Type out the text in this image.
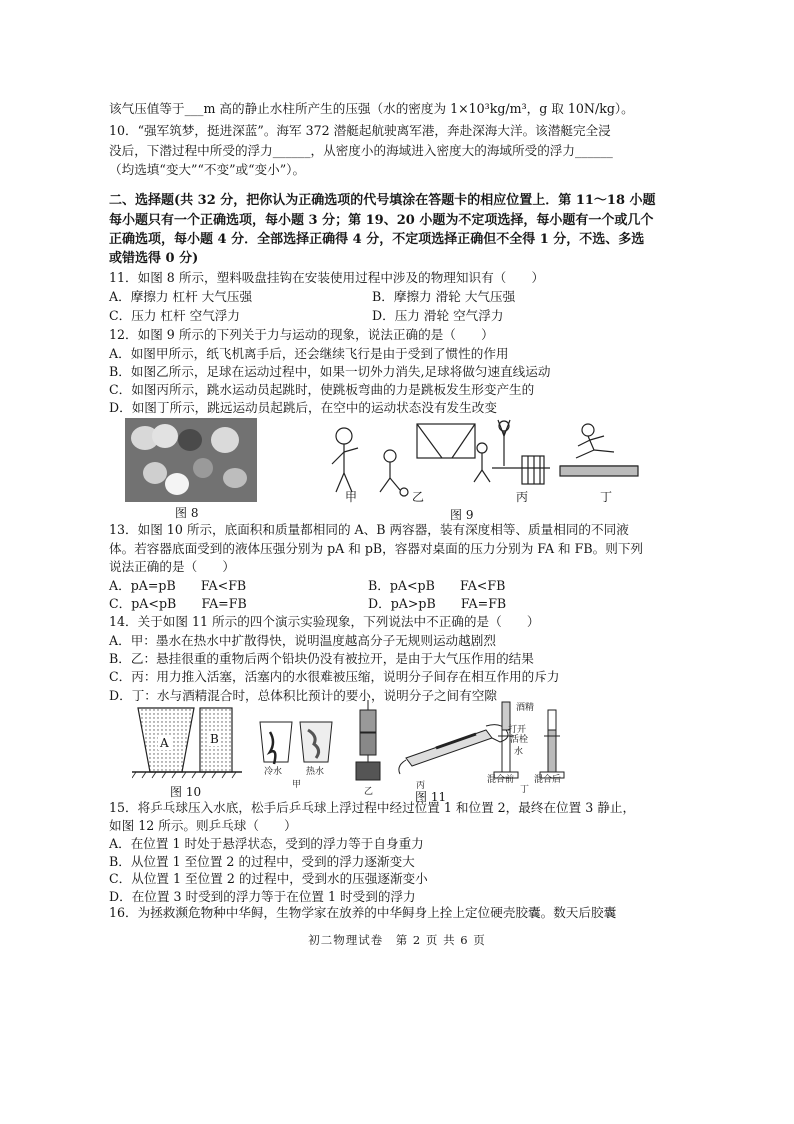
该气压值等于___m 高的静止水柱所产生的压强（水的密度为 1×10³kg/m³，g 取 10N/kg）。
10．“强军筑梦，挺进深蓝”。海军 372 潜艇起航驶离军港，奔赴深海大洋。该潜艇完全浸
没后，下潜过程中所受的浮力______，从密度小的海域进入密度大的海域所受的浮力______
（均选填“变大”“不变”或“变小”）。
二、选择题(共 32 分，把你认为正确选项的代号填涂在答题卡的相应位置上．第 11～18 小题
每小题只有一个正确选项，每小题 3 分；第 19、20 小题为不定项选择，每小题有一个或几个
正确选项，每小题 4 分．全部选择正确得 4 分，不定项选择正确但不全得 1 分，不选、多选
或错选得 0 分)
11．如图 8 所示，塑料吸盘挂钩在安装使用过程中涉及的物理知识有（　　）
A．摩擦力 杠杆 大气压强	B．摩擦力 滑轮 大气压强
C．压力 杠杆 空气浮力	D．压力 滑轮 空气浮力
12．如图 9 所示的下列关于力与运动的现象，说法正确的是（　　）
A．如图甲所示，纸飞机离手后，还会继续飞行是由于受到了惯性的作用
B．如图乙所示，足球在运动过程中，如果一切外力消失,足球将做匀速直线运动
C．如图丙所示，跳水运动员起跳时，使跳板弯曲的力是跳板发生形变产生的
D．如图丁所示，跳远运动员起跳后，在空中的运动状态没有发生改变
图 8
甲	乙	丙	丁
图 9
13．如图 10 所示，底面积和质量都相同的 A、B 两容器，装有深度相等、质量相同的不同液
体。若容器底面受到的液体压强分别为 pA 和 pB，容器对桌面的压力分别为 FA 和 FB。则下列
说法正确的是（　　）
A．pA=pB　　FA<FB	B．pA<pB　　FA<FB
C．pA<pB　　FA=FB	D．pA>pB　　FA=FB
14．关于如图 11 所示的四个演示实验现象，下列说法中不正确的是（　　）
A．甲：墨水在热水中扩散得快，说明温度越高分子无规则运动越剧烈
B．乙：悬挂很重的重物后两个铅块仍没有被拉开，是由于大气压作用的结果
C．丙：用力推入活塞，活塞内的水很难被压缩，说明分子间存在相互作用的斥力
D．丁：水与酒精混合时，总体积比预计的要小，说明分子之间有空隙
A	B
图 10
冷水	热水
甲
乙
丙	丁
酒精
打开
活栓
水
混合前 混合后
图 11
15．将乒乓球压入水底，松手后乒乓球上浮过程中经过位置 1 和位置 2，最终在位置 3 静止，
如图 12 所示。则乒乓球（　　）
A．在位置 1 时处于悬浮状态，受到的浮力等于自身重力
B．从位置 1 至位置 2 的过程中，受到的浮力逐渐变大
C．从位置 1 至位置 2 的过程中，受到水的压强逐渐变小
D．在位置 3 时受到的浮力等于在位置 1 时受到的浮力
16．为拯救濒危物种中华鲟，生物学家在放养的中华鲟身上拴上定位硬壳胶囊。数天后胶囊
初二物理试卷　第 2 页 共 6 页
